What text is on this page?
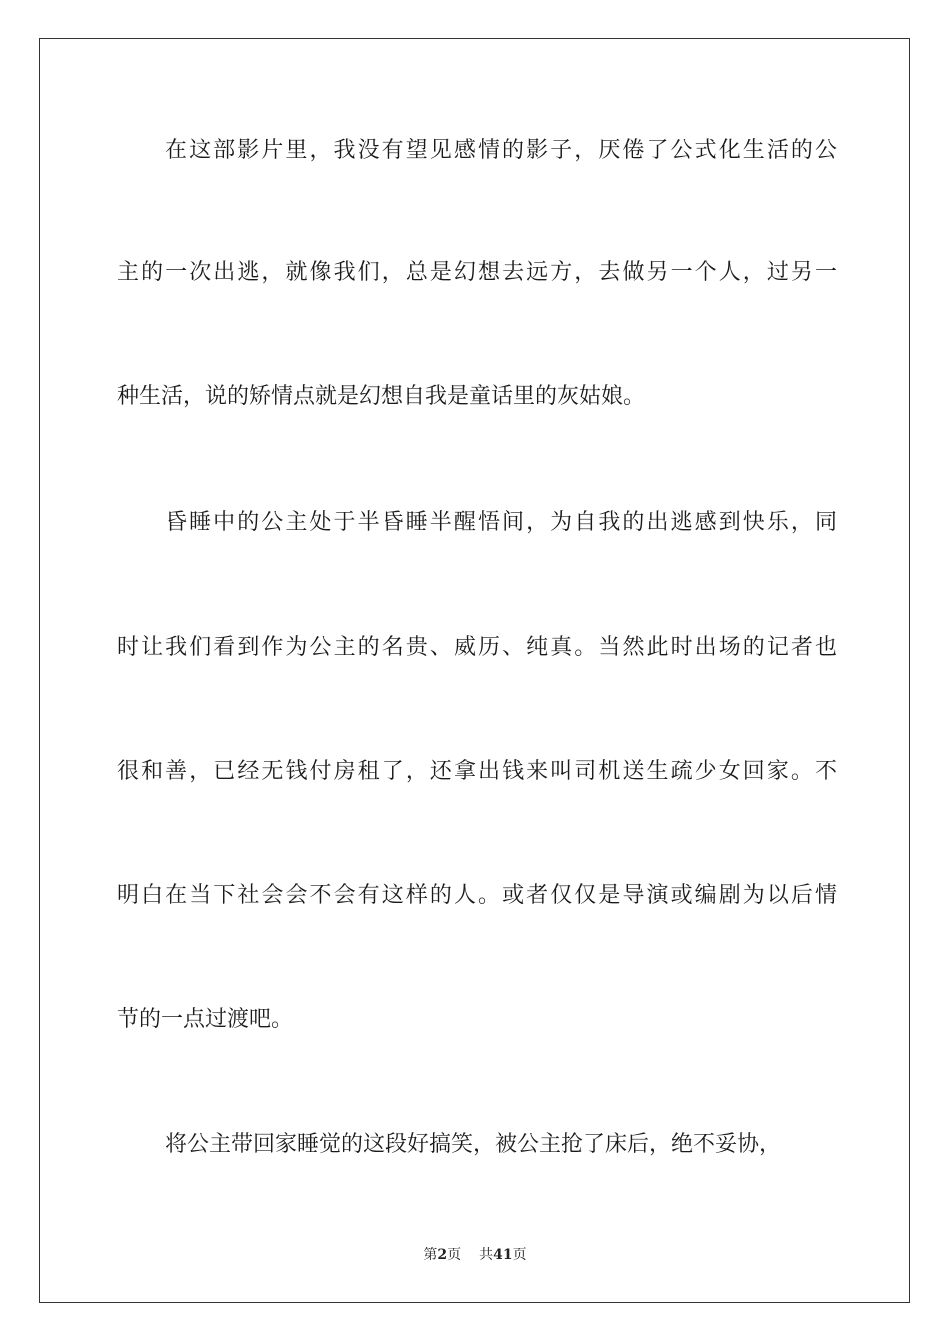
在这部影片里，我没有望见感情的影子，厌倦了公式化生活的公
主的一次出逃，就像我们，总是幻想去远方，去做另一个人，过另一
种生活，说的矫情点就是幻想自我是童话里的灰姑娘。
昏睡中的公主处于半昏睡半醒悟间，为自我的出逃感到快乐，同
时让我们看到作为公主的名贵、威历、纯真。当然此时出场的记者也
很和善，已经无钱付房租了，还拿出钱来叫司机送生疏少女回家。不
明白在当下社会会不会有这样的人。或者仅仅是导演或编剧为以后情
节的一点过渡吧。
将公主带回家睡觉的这段好搞笑，被公主抢了床后，绝不妥协，
第2页 共41页
